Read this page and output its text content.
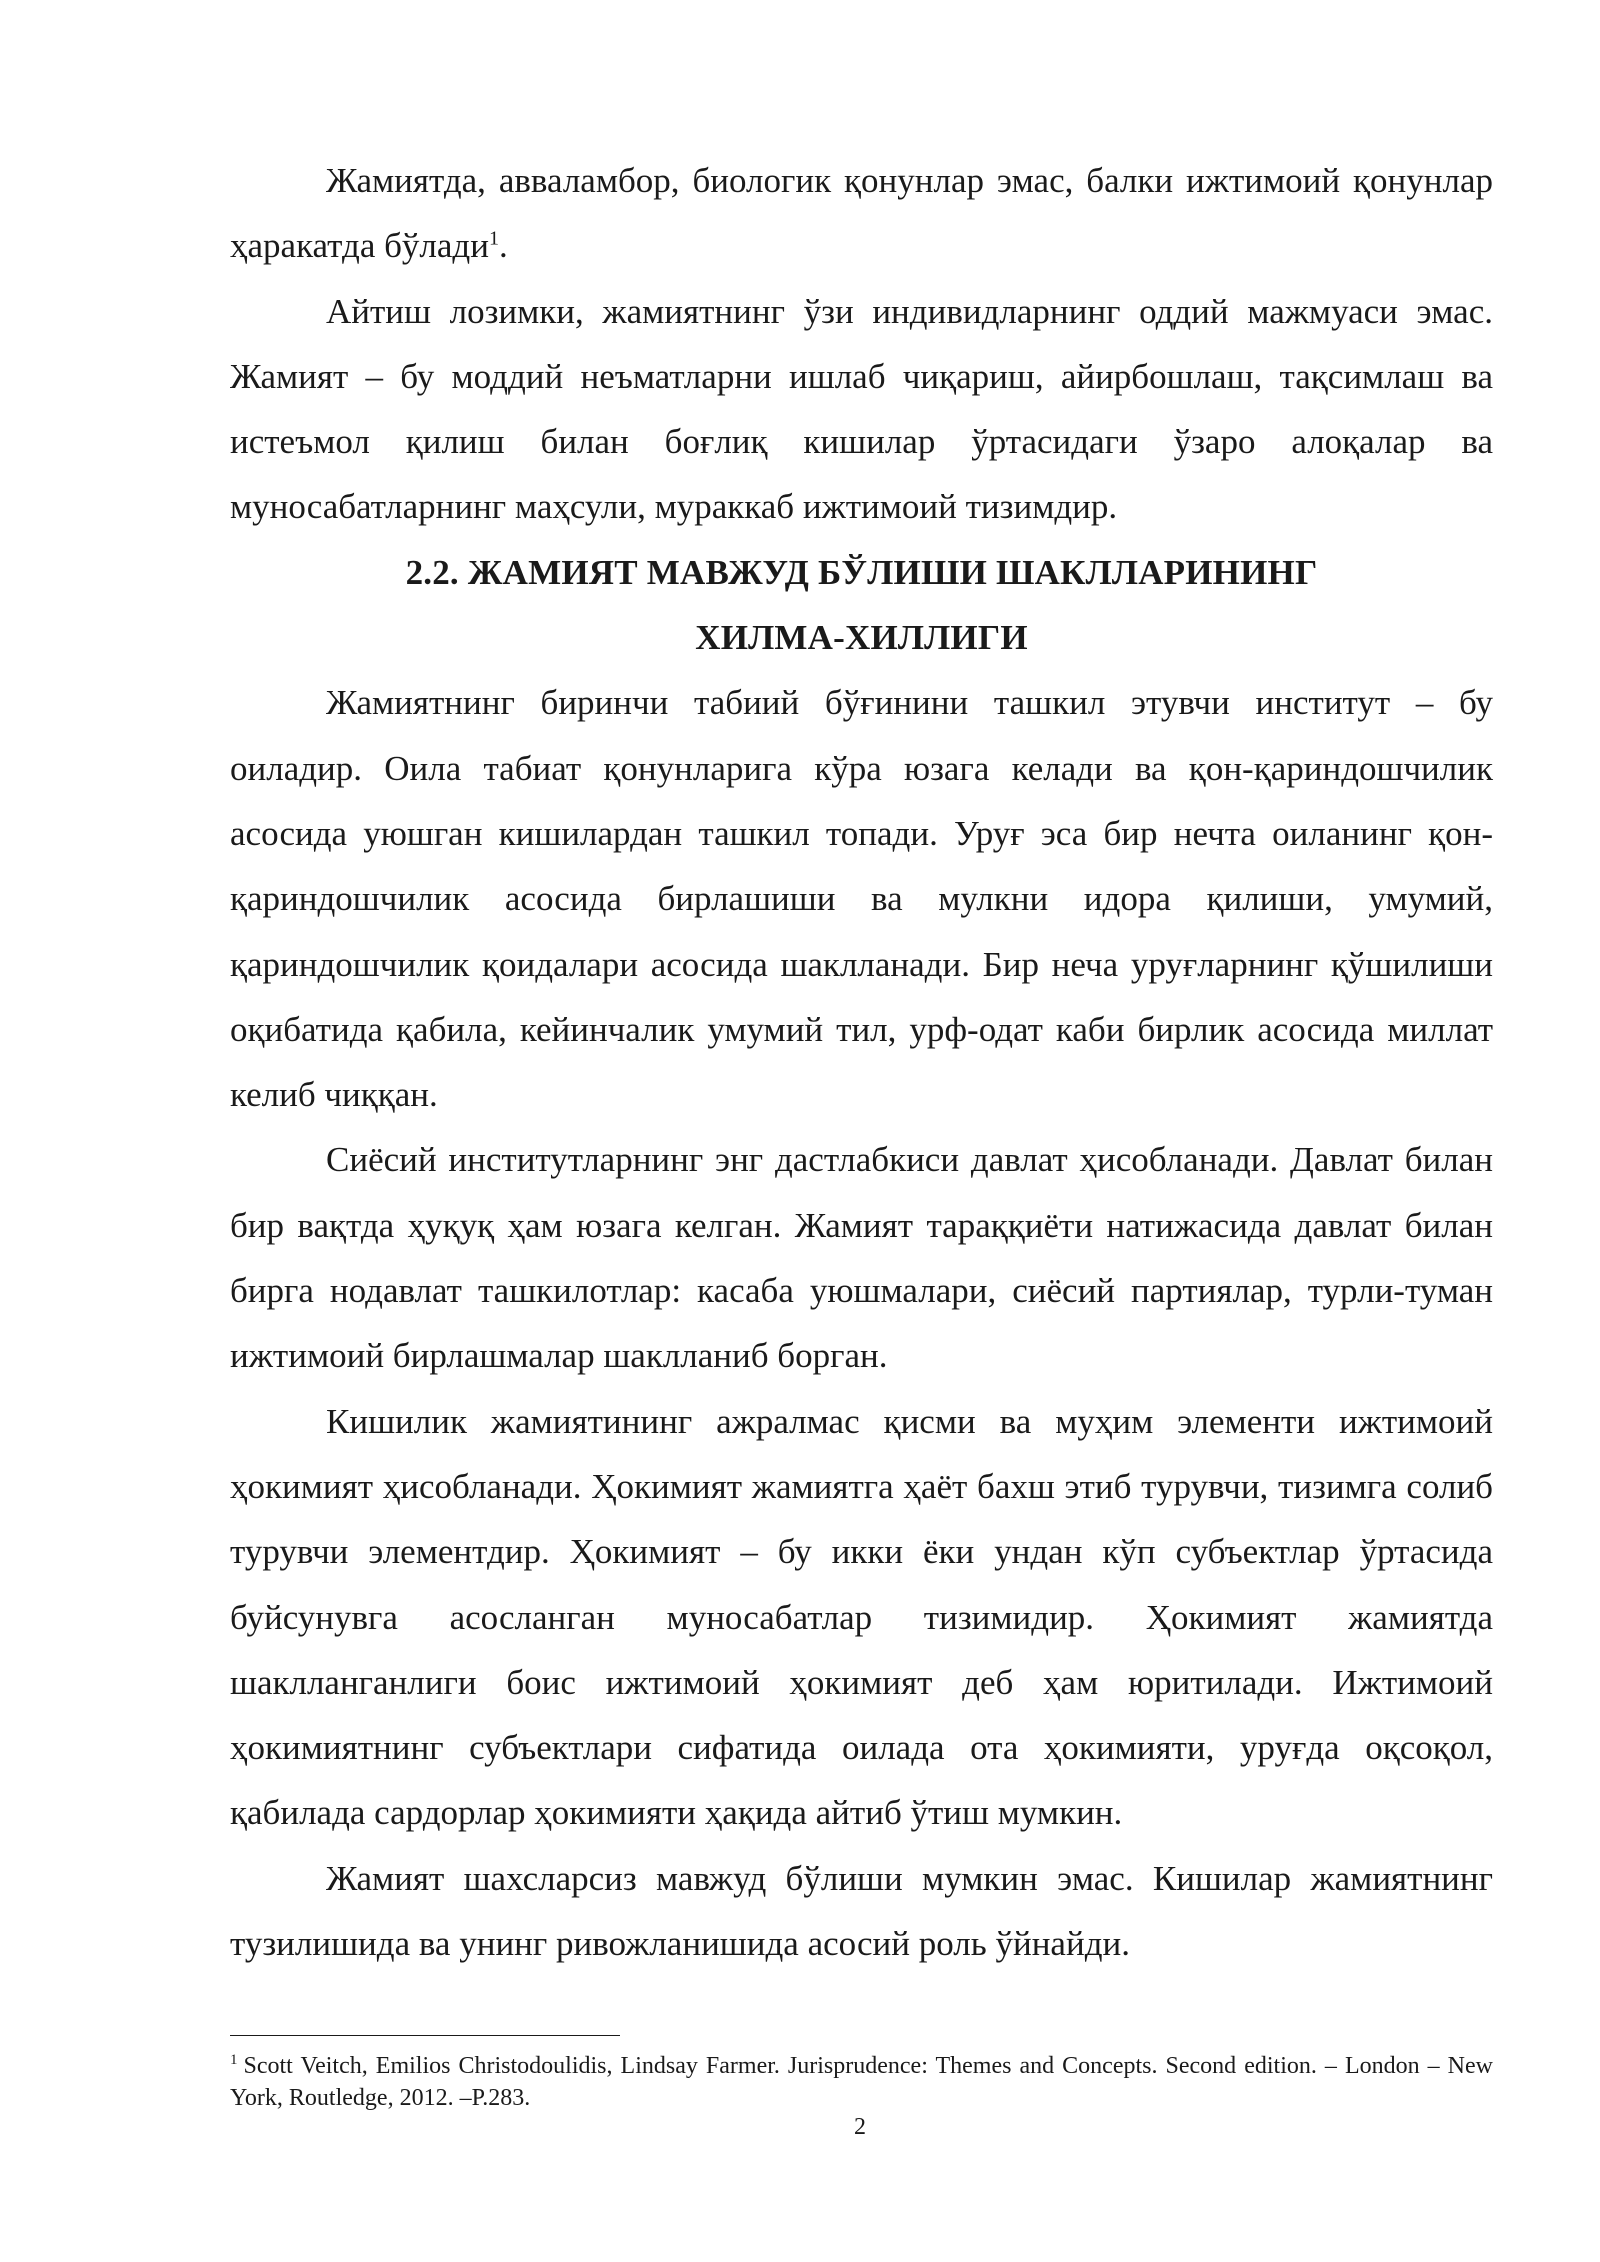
Жамиятда, авваламбор, биологик қонунлар эмас, балки ижтимоий қонунлар ҳаракатда бўлади$^1$.

Айтиш лозимки, жамиятнинг ўзи индивидларнинг оддий мажмуаси эмас. Жамият – бу моддий неъматларни ишлаб чиқариш, айирбошлаш, тақсимлаш ва истеъмол қилиш билан боғлиқ кишилар ўртасидаги ўзаро алоқалар ва муносабатларнинг маҳсули, мураккаб ижтимоий тизимдир.

2.2. ЖАМИЯТ МАВЖУД БЎЛИШИ ШАКЛЛАРИНИНГ
ХИЛМА-ХИЛЛИГИ

Жамиятнинг биринчи табиий бўғинини ташкил этувчи институт – бу оиладир. Оила табиат қонунларига кўра юзага келади ва қон-қариндошчилик асосида уюшган кишилардан ташкил топади. Уруғ эса бир нечта оиланинг қон-қариндошчилик асосида бирлашиши ва мулкни идора қилиши, умумий, қариндошчилик қоидалари асосида шаклланади. Бир неча уруғларнинг қўшилиши оқибатида қабила, кейинчалик умумий тил, урф-одат каби бирлик асосида миллат келиб чиққан.

Сиёсий институтларнинг энг дастлабкиси давлат ҳисобланади. Давлат билан бир вақтда ҳуқуқ ҳам юзага келган. Жамият тараққиёти натижасида давлат билан бирга нодавлат ташкилотлар: касаба уюшмалари, сиёсий партиялар, турли-туман ижтимоий бирлашмалар шаклланиб борган.

Кишилик жамиятининг ажралмас қисми ва муҳим элементи ижтимоий ҳокимият ҳисобланади. Ҳокимият жамиятга ҳаёт бахш этиб турувчи, тизимга солиб турувчи элементдир. Ҳокимият – бу икки ёки ундан кўп субъектлар ўртасида буйсунувга асосланган муносабатлар тизимидир. Ҳокимият жамиятда шаклланганлиги боис ижтимоий ҳокимият деб ҳам юритилади. Ижтимоий ҳокимиятнинг субъектлари сифатида оилада ота ҳокимияти, уруғда оқсоқол, қабилада сардорлар ҳокимияти ҳақида айтиб ўтиш мумкин.

Жамият шахсларсиз мавжуд бўлиши мумкин эмас. Кишилар жамиятнинг тузилишида ва унинг ривожланишида асосий роль ўйнайди.

$^1$ Scott Veitch, Emilios Christodoulidis, Lindsay Farmer. Jurisprudence: Themes and Concepts. Second edition. – London – New York, Routledge, 2012. –P.283.

2
